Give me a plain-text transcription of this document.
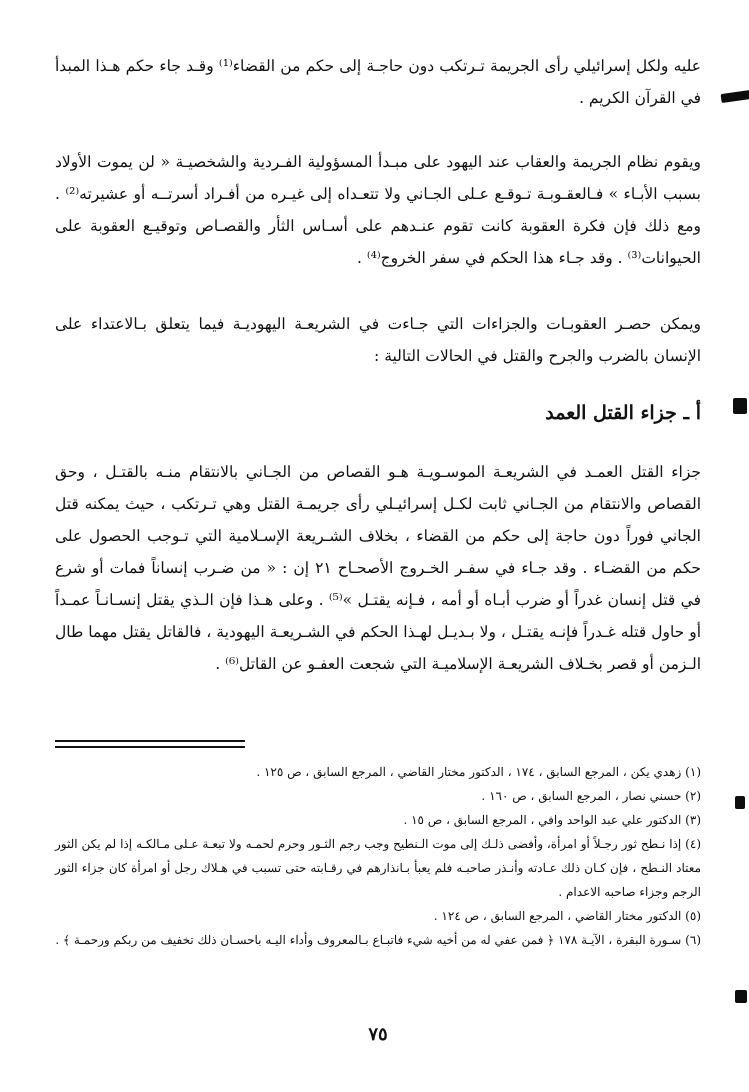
عليه ولكل إسرائيلي رأى الجريمة تـرتكب دون حاجـة إلى حكم من القضاء⁽¹⁾ وقـد جاء حكم هـذا المبدأ في القرآن الكريم .

ويقوم نظام الجريمة والعقاب عند اليهود على مبـدأ المسؤولية الفـردية والشخصيـة « لن يموت الأولاد بسبب الأبـاء » فـالعقـوبـة تـوقـع عـلى الجـاني ولا تتعـداه إلى غيـره من أفـراد أسرتــه أو عشيرته⁽²⁾ . ومع ذلك فإن فكرة العقوبة كانت تقوم عنـدهم على أسـاس الثأر والقصـاص وتوقيـع العقوبة على الحيوانات⁽³⁾ . وقد جـاء هذا الحكم في سفر الخروج⁽⁴⁾ .

ويمكن حصـر العقوبـات والجزاءات التي جـاءت في الشريعـة اليهوديـة فيما يتعلق بـالاعتداء على الإنسان بالضرب والجرح والقتل في الحالات التالية :

أ ـ جزاء القتل العمد

جزاء القتل العمـد في الشريعـة الموسـويـة هـو القصاص من الجـاني بالانتقام منـه بالقتـل ، وحق القصاص والانتقام من الجـاني ثابت لكـل إسرائيـلي رأى جريمـة القتل وهي تـرتكب ، حيث يمكنه قتل الجاني فوراً دون حاجة إلى حكم من القضاء ، بخلاف الشـريعة الإسـلامية التي تـوجب الحصول على حكم من القضـاء . وقد جـاء في سفـر الخـروج الأصحـاح ٢١ إن : « من ضـرب إنساناً فمات أو شرع في قتل إنسان غدراً أو ضرب أبـاه أو أمه ، فـإنه يقتـل »⁽⁵⁾ . وعلى هـذا فإن الـذي يقتل إنسـانـاً عمـداً أو حاول قتله غـدراً فإنـه يقتـل ، ولا بـديـل لهـذا الحكم في الشـريعـة اليهودية ، فالقاتل يقتل مهما طال الـزمن أو قصر بخـلاف الشريعـة الإسلاميـة التي شجعت العفـو عن القاتل⁽⁶⁾ .

(١) زهدي يكن ، المرجع السابق ، ١٧٤ ، الدكتور مختار القاضي ، المرجع السابق ، ص ١٢٥ .
(٢) حسني نصار ، المرجع السابق ، ص ١٦٠ .
(٣) الدكتور علي عبد الواحد وافي ، المرجع السابق ، ص ١٥ .
(٤) إذا نـطح ثور رجـلاً أو امرأة، وأفضى ذلـك إلى موت الـنطيح وجب رجم الثـور وحرم لحمـه ولا تبعـة عـلى مـالكـه إذا لم يكن الثور معتاد النـطح ، فإن كـان ذلك عـادته وأنـذر صاحبـه فلم يعبأ بـانذارهم في رقـابته حتى تسبب في هـلاك رجل أو امرأة كان جزاء الثور الرجم وجزاء صاحبه الاعدام .
(٥) الدكتور مختار القاضي ، المرجع السابق ، ص ١٢٤ .
(٦) سـورة البقرة ، الآيـة ١٧٨ ﴿ فمن عفي له من أخيه شيء فاتبـاع بـالمعروف وأداء اليـه باحسـان ذلك تخفيف من ربكم ورحمـة ﴾ .
٧٥
